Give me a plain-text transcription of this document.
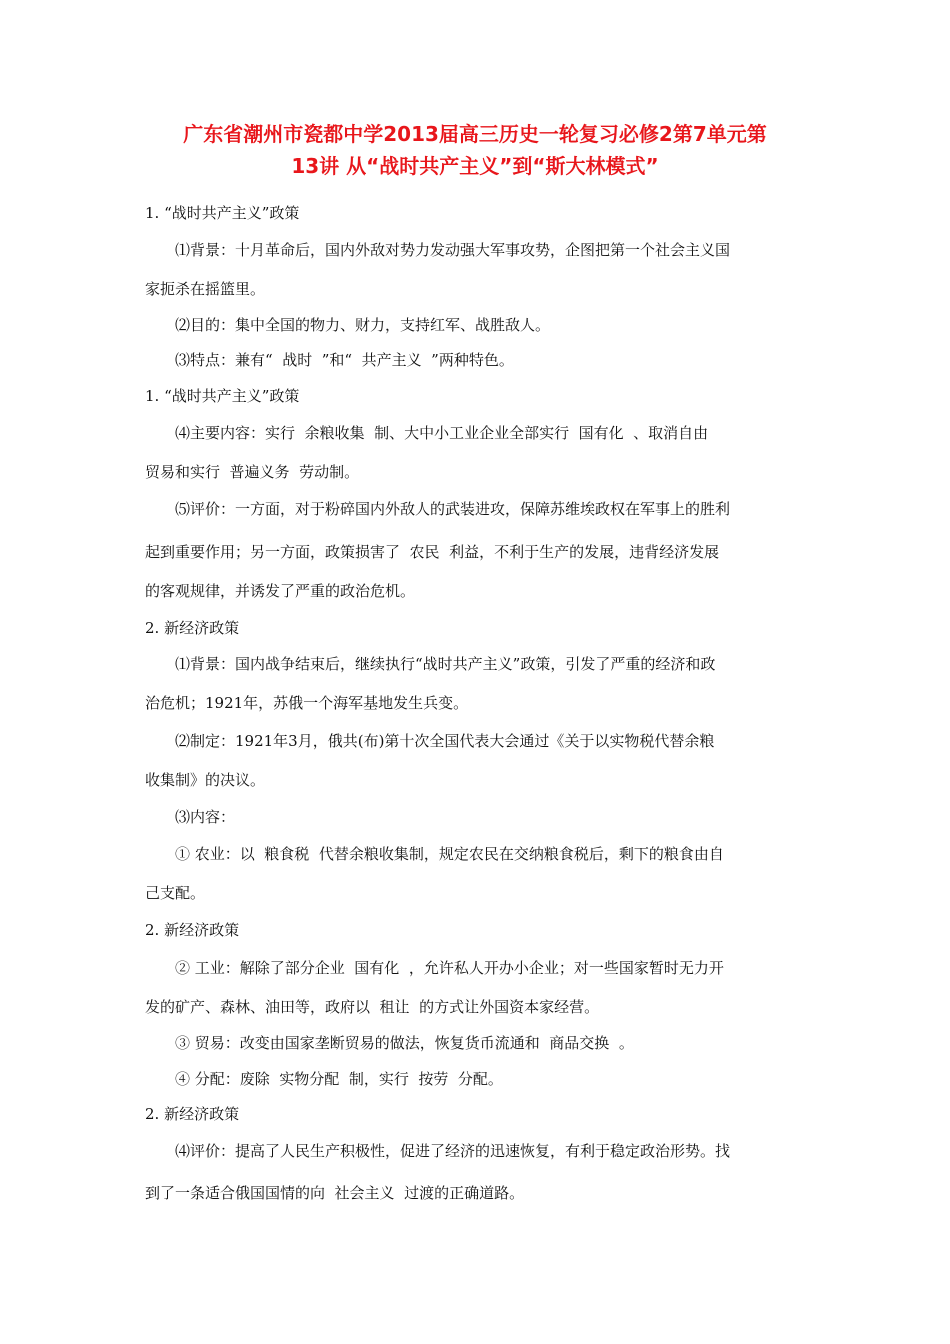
广东省潮州市瓷都中学2013届高三历史一轮复习必修2第7单元第
13讲 从“战时共产主义”到“斯大林模式”
1. “战时共产主义”政策
⑴背景：十月革命后，国内外敌对势力发动强大军事攻势，企图把第一个社会主义国
家扼杀在摇篮里。
⑵目的：集中全国的物力、财力，支持红军、战胜敌人。
⑶特点：兼有“  战时  ”和“  共产主义  ”两种特色。
1. “战时共产主义”政策
⑷主要内容：实行  余粮收集  制、大中小工业企业全部实行  国有化  、取消自由
贸易和实行  普遍义务  劳动制。
⑸评价：一方面，对于粉碎国内外敌人的武装进攻，保障苏维埃政权在军事上的胜利
起到重要作用；另一方面，政策损害了  农民  利益，不利于生产的发展，违背经济发展
的客观规律，并诱发了严重的政治危机。
2. 新经济政策
⑴背景：国内战争结束后，继续执行“战时共产主义”政策，引发了严重的经济和政
治危机；1921年，苏俄一个海军基地发生兵变。
⑵制定：1921年3月，俄共(布)第十次全国代表大会通过《关于以实物税代替余粮
收集制》的决议。
⑶内容：
① 农业：以  粮食税  代替余粮收集制，规定农民在交纳粮食税后，剩下的粮食由自
己支配。
2. 新经济政策
② 工业：解除了部分企业  国有化  ，允许私人开办小企业；对一些国家暂时无力开
发的矿产、森林、油田等，政府以  租让  的方式让外国资本家经营。
③ 贸易：改变由国家垄断贸易的做法，恢复货币流通和  商品交换  。
④ 分配：废除  实物分配  制，实行  按劳  分配。
2. 新经济政策
⑷评价：提高了人民生产积极性，促进了经济的迅速恢复，有利于稳定政治形势。找
到了一条适合俄国国情的向  社会主义  过渡的正确道路。
